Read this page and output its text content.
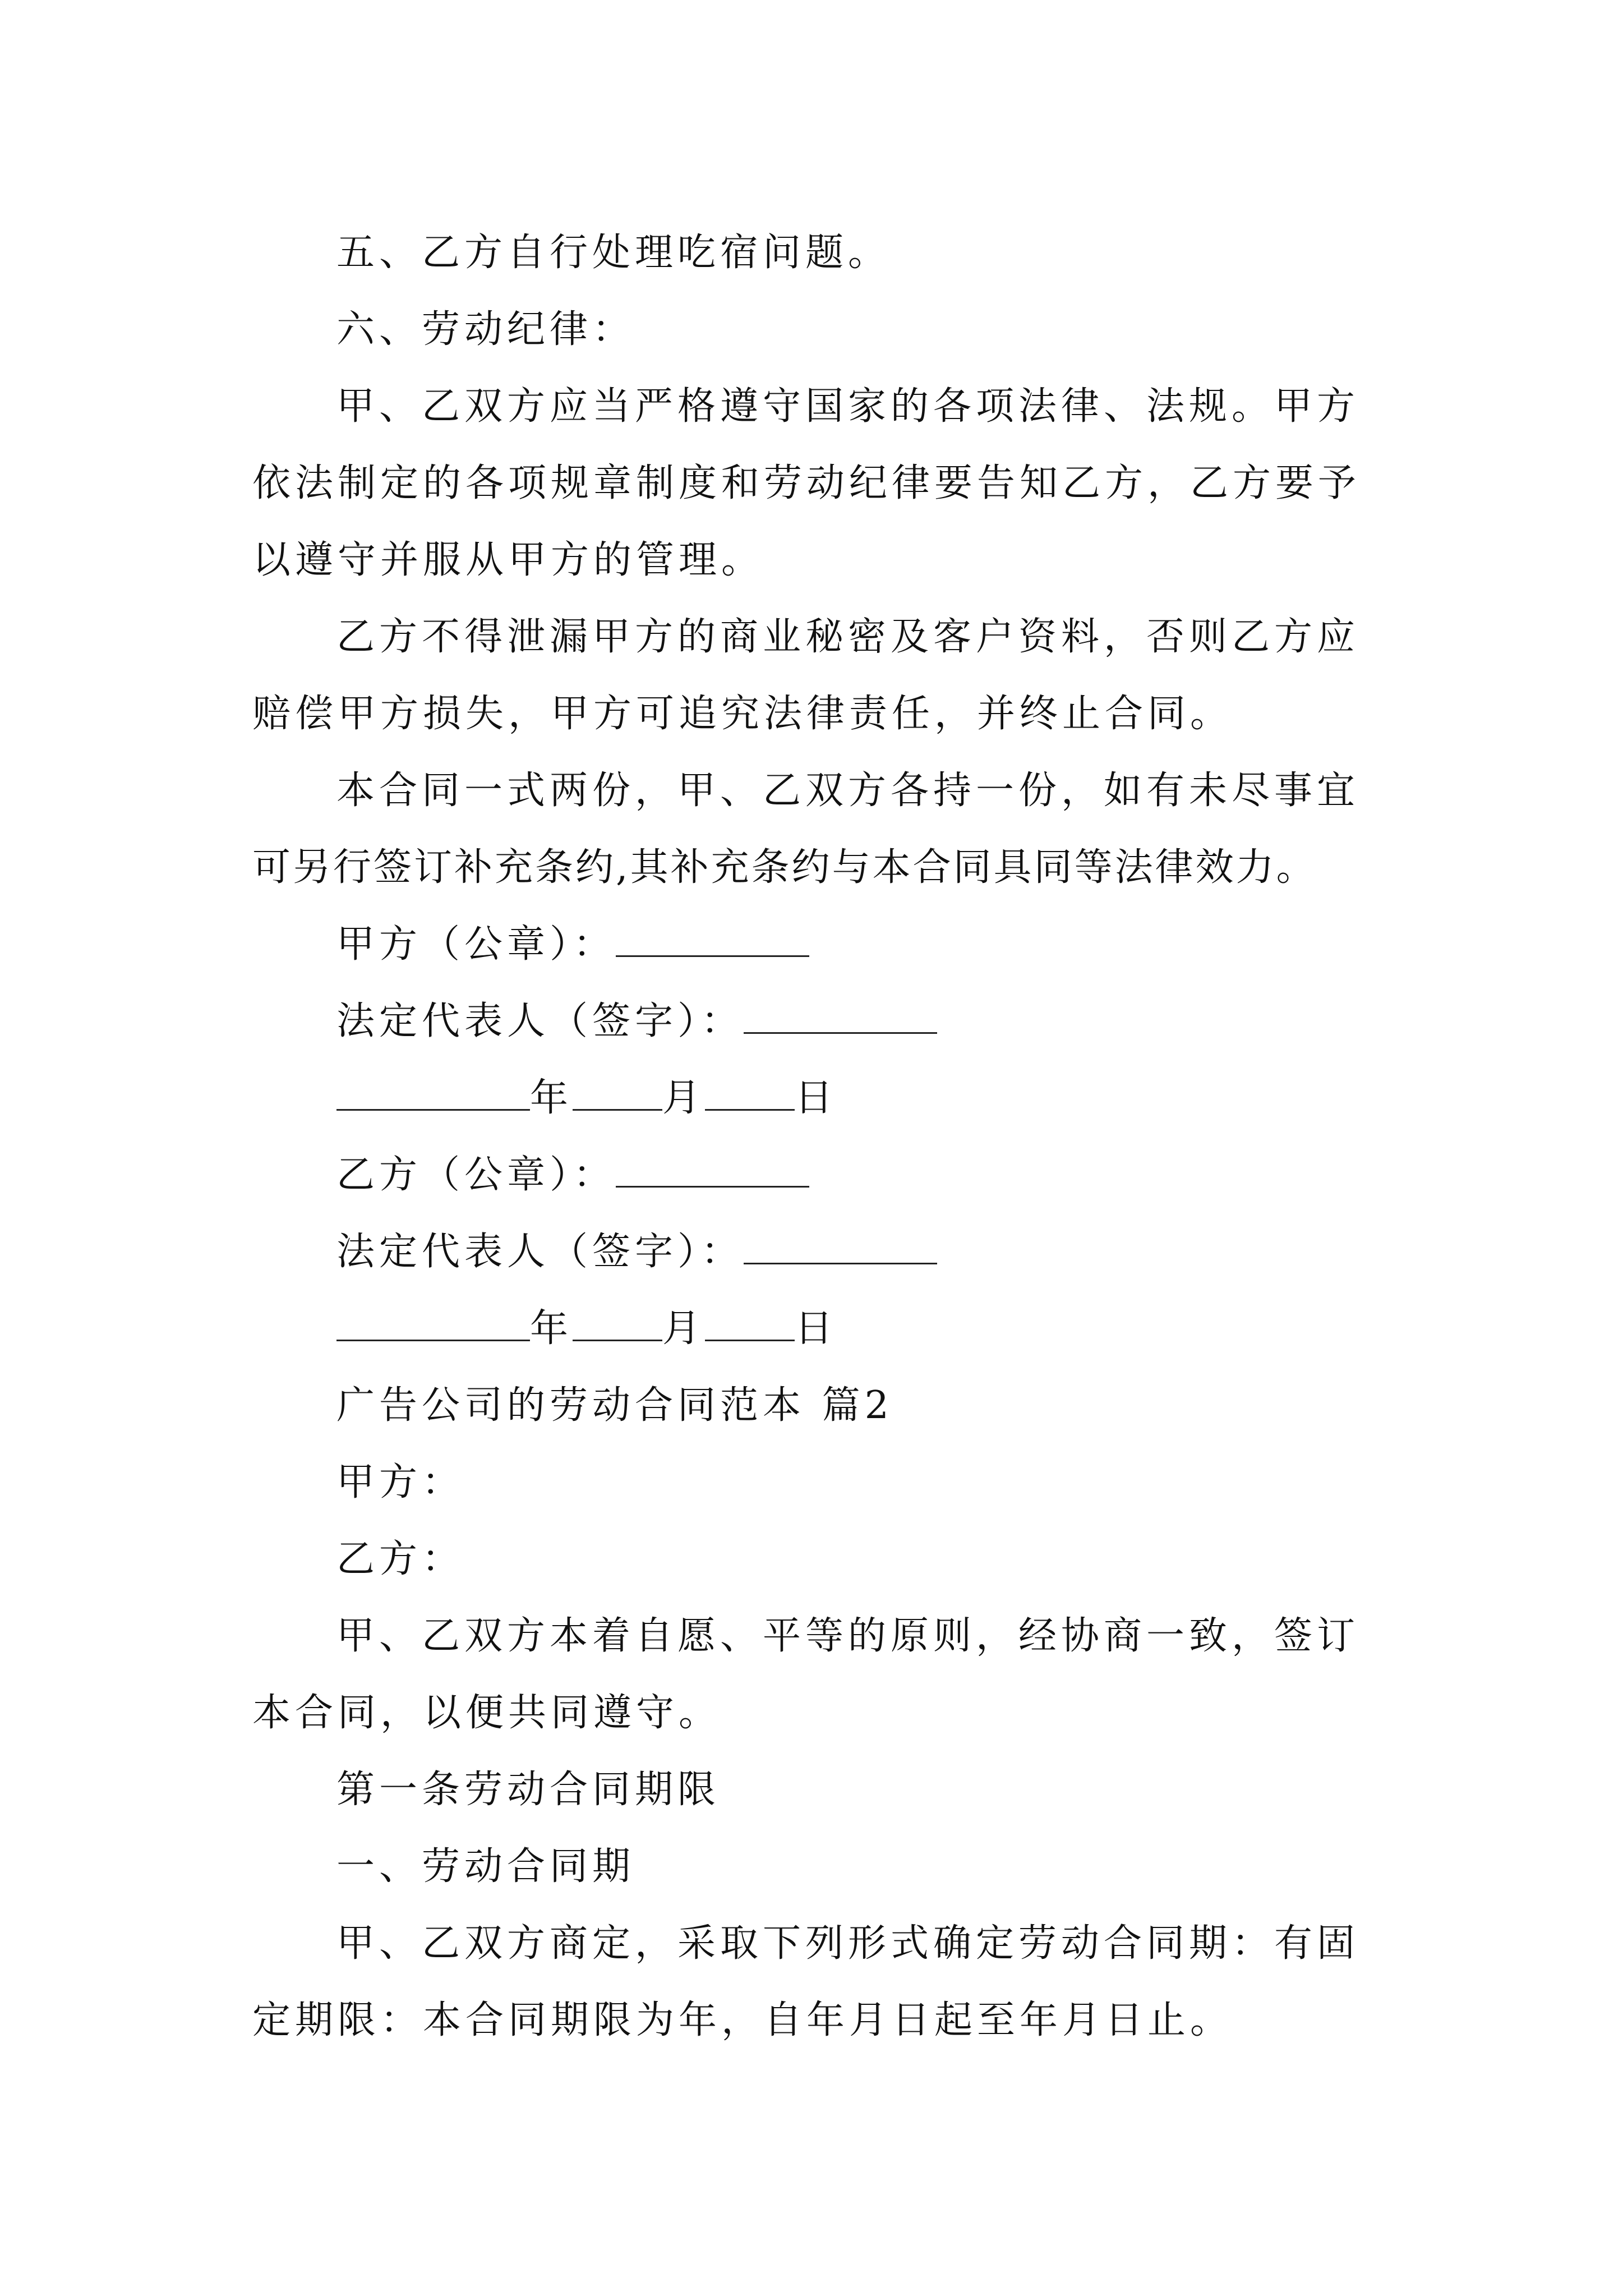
五、乙方自行处理吃宿问题。

六、劳动纪律：

甲、乙双方应当严格遵守国家的各项法律、法规。甲方
依法制定的各项规章制度和劳动纪律要告知乙方，乙方要予
以遵守并服从甲方的管理。
乙方不得泄漏甲方的商业秘密及客户资料，否则乙方应
赔偿甲方损失，甲方可追究法律责任，并终止合同。
本合同一式两份，甲、乙双方各持一份，如有未尽事宜
可另行签订补充条约,其补充条约与本合同具同等法律效力。

甲方（公章）：

法定代表人（签字）：

年 月 日

乙方（公章）：

法定代表人（签字）：

年 月 日

广告公司的劳动合同范本 篇2

甲方：

乙方：

甲、乙双方本着自愿、平等的原则，经协商一致，签订
本合同，以便共同遵守。

第一条劳动合同期限

一、劳动合同期

甲、乙双方商定，采取下列形式确定劳动合同期：有固
定期限：本合同期限为年，自年月日起至年月日止。
